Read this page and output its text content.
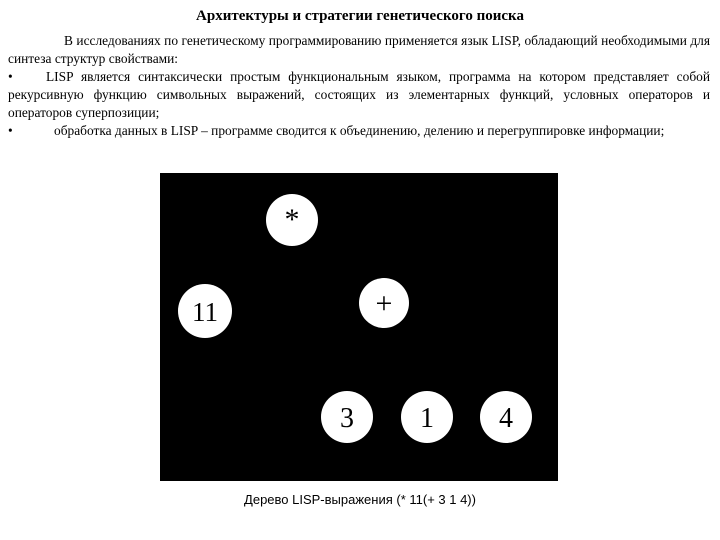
Архитектуры и стратегии генетического поиска

В исследованиях по генетическому программированию применяется язык LISP, обладающий необходимыми для синтеза структур свойствами:

• LISP является синтаксически простым функциональным языком, программа на котором представляет собой рекурсивную функцию символьных выражений, состоящих из элементарных функций, условных операторов и операторов суперпозиции;

•	обработка данных в LISP – программе сводится к объединению, делению и перегруппировке информации;

*
11	+
3 1 4
Дерево LISP-выражения (* 11(+ 3 1 4))
